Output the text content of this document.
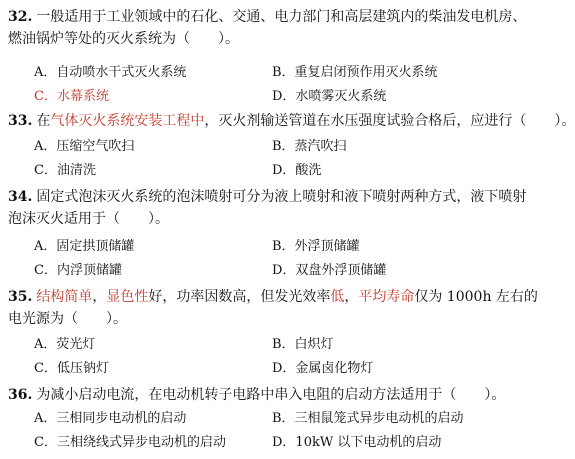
32. 一般适用于工业领域中的石化、交通、电力部门和高层建筑内的柴油发电机房、
燃油锅炉等处的灭火系统为（　　）。
A．自动喷水干式灭火系统	B．重复启闭预作用灭火系统
C．水幕系统	D．水喷雾灭火系统
33. 在气体灭火系统安装工程中，灭火剂输送管道在水压强度试验合格后，应进行（　　）。
A．压缩空气吹扫	B．蒸汽吹扫
C．油清洗	D．酸洗
34. 固定式泡沫灭火系统的泡沫喷射可分为液上喷射和液下喷射两种方式，液下喷射
泡沫灭火适用于（　　）。
A．固定拱顶储罐	B．外浮顶储罐
C．内浮顶储罐	D．双盘外浮顶储罐
35. 结构简单，显色性好，功率因数高，但发光效率低，平均寿命仅为 1000h 左右的
电光源为（　　）。
A．荧光灯	B．白炽灯
C．低压钠灯	D．金属卤化物灯
36. 为减小启动电流，在电动机转子电路中串入电阻的启动方法适用于（　　）。
A．三相同步电动机的启动	B．三相鼠笼式异步电动机的启动
C．三相绕线式异步电动机的启动	D．10kW 以下电动机的启动
